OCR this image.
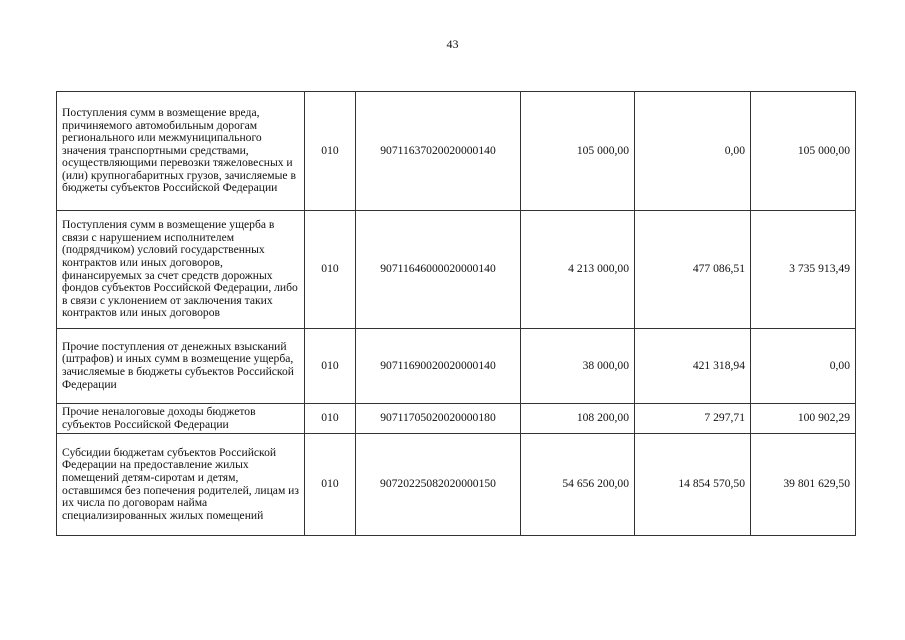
43
Поступления сумм в возмещение вреда, причиняемого автомобильным дорогам регионального или межмуниципального значения транспортными средствами, осуществляющими перевозки тяжеловесных и (или) крупногабаритных грузов, зачисляемые в бюджеты субъектов Российской Федерации	010	90711637020020000140	105 000,00	0,00	105 000,00
Поступления сумм в возмещение ущерба в связи с нарушением исполнителем (подрядчиком) условий государственных контрактов или иных договоров, финансируемых за счет средств дорожных фондов субъектов Российской Федерации, либо в связи с уклонением от заключения таких контрактов или иных договоров	010	90711646000020000140	4 213 000,00	477 086,51	3 735 913,49
Прочие поступления от денежных взысканий (штрафов) и иных сумм в возмещение ущерба, зачисляемые в бюджеты субъектов Российской Федерации	010	90711690020020000140	38 000,00	421 318,94	0,00
Прочие неналоговые доходы бюджетов субъектов Российской Федерации	010	90711705020020000180	108 200,00	7 297,71	100 902,29
Субсидии бюджетам субъектов Российской Федерации на предоставление жилых помещений детям-сиротам и детям, оставшимся без попечения родителей, лицам из их числа по договорам найма специализированных жилых помещений	010	90720225082020000150	54 656 200,00	14 854 570,50	39 801 629,50
